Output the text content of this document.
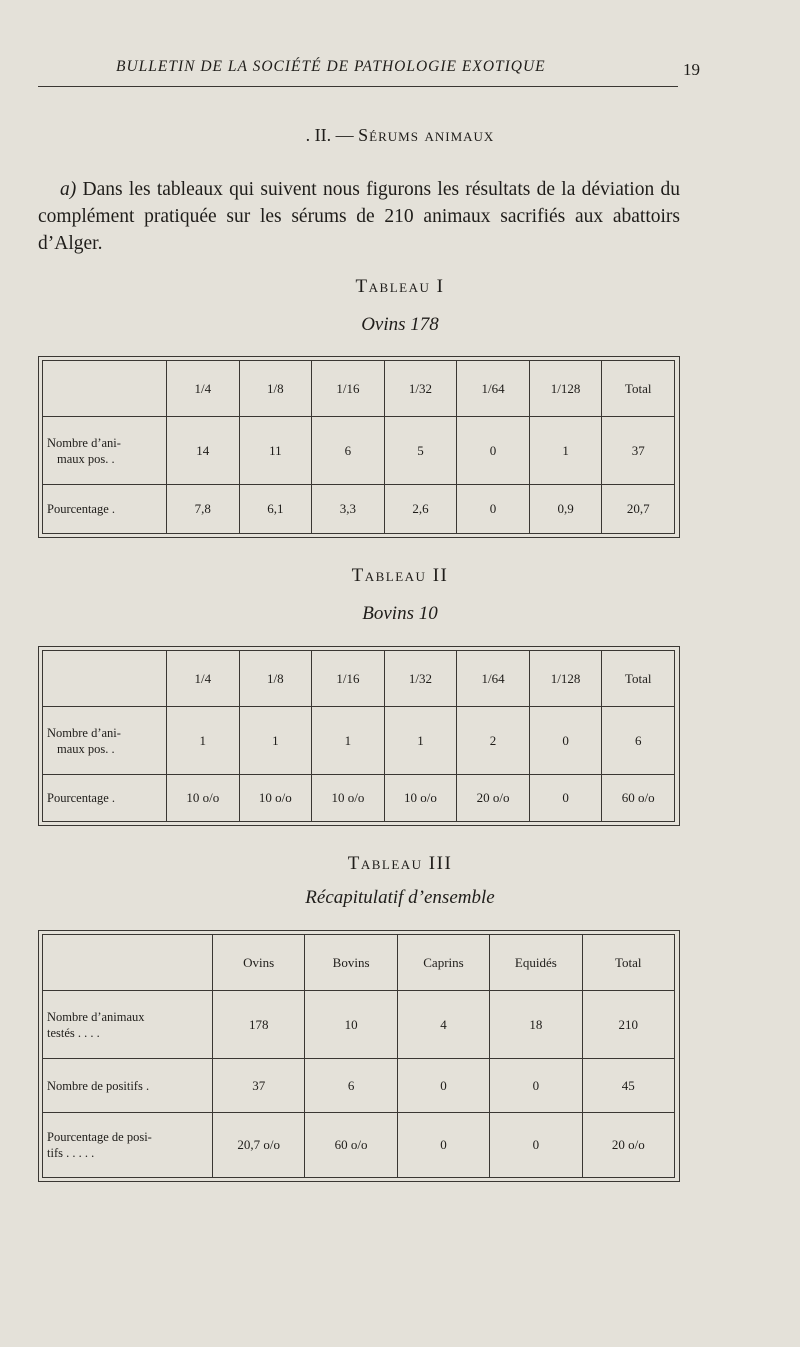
BULLETIN DE LA SOCIÉTÉ DE PATHOLOGIE EXOTIQUE	19
. II. — Sérums animaux
a) Dans les tableaux qui suivent nous figurons les résultats de la déviation du complément pratiquée sur les sérums de 210 animaux sacrifiés aux abattoirs d’Alger.
Tableau I
Ovins 178
	1/4	1/8	1/16	1/32	1/64	1/128	Total

Nombre d’ani-
maux pos. .	14	11	6	5	0	1	37

Pourcentage .	7,8	6,1	3,3	2,6	0	0,9	20,7
Tableau II
Bovins 10
	1/4	1/8	1/16	1/32	1/64	1/128	Total

Nombre d’ani-
maux pos. .	1	1	1	1	2	0	6

Pourcentage .	10 o/o	10 o/o	10 o/o	10 o/o	20 o/o	0	60 o/o
Tableau III
Récapitulatif d’ensemble
	Ovins	Bovins	Caprins	Equidés	Total

Nombre d’animaux
testés . . . .	178	10	4	18	210

Nombre de positifs .	37	6	0	0	45

Pourcentage de posi-
tifs . . . . .	20,7 o/o	60 o/o	0	0	20 o/o
